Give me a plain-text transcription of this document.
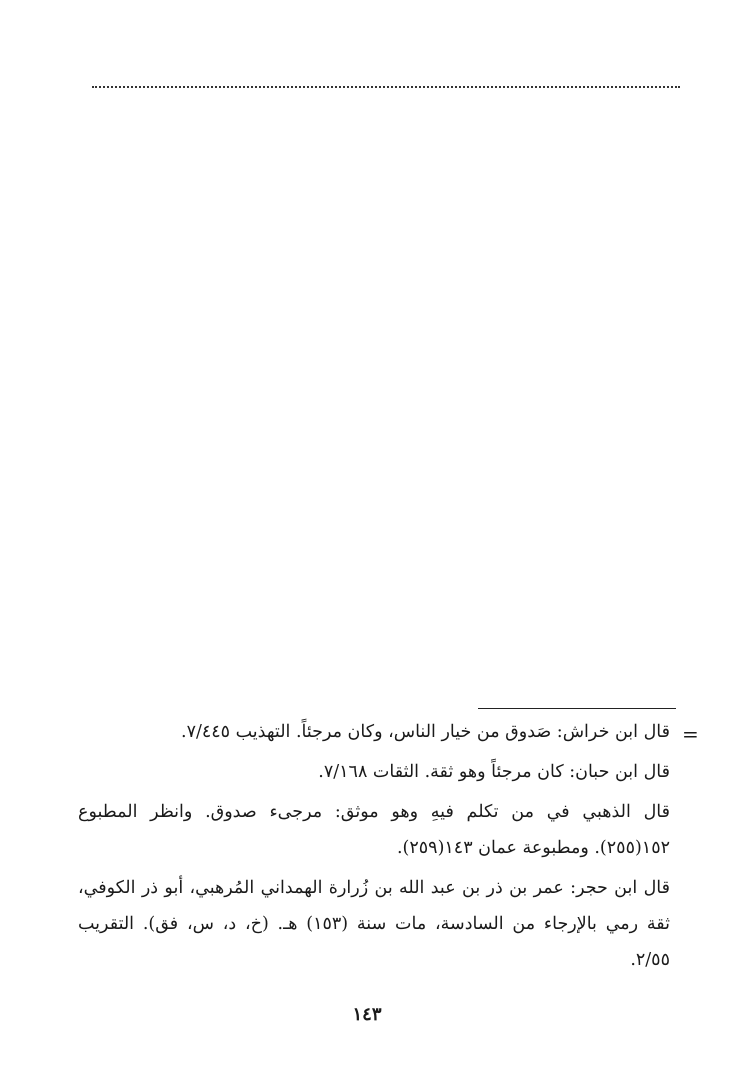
=

قال ابن خراش: صَدوق من خيار الناس، وكان مرجئاً. التهذيب ٧/٤٤٥.

قال ابن حبان: كان مرجئاً وهو ثقة. الثقات ٧/١٦٨.

قال الذهبي في من تكلم فيهِ وهو موثق: مرجىء صدوق. وانظر المطبوع ١٥٢(٢٥٥). ومطبوعة عمان ١٤٣(٢٥٩).

قال ابن حجر: عمر بن ذر بن عبد الله بن زُرارة الهمداني المُرهبي، أبو ذر الكوفي، ثقة رمي بالإرجاء من السادسة، مات سنة (١٥٣) هـ. (خ، د، س، فق). التقريب ٢/٥٥.

١٤٣
